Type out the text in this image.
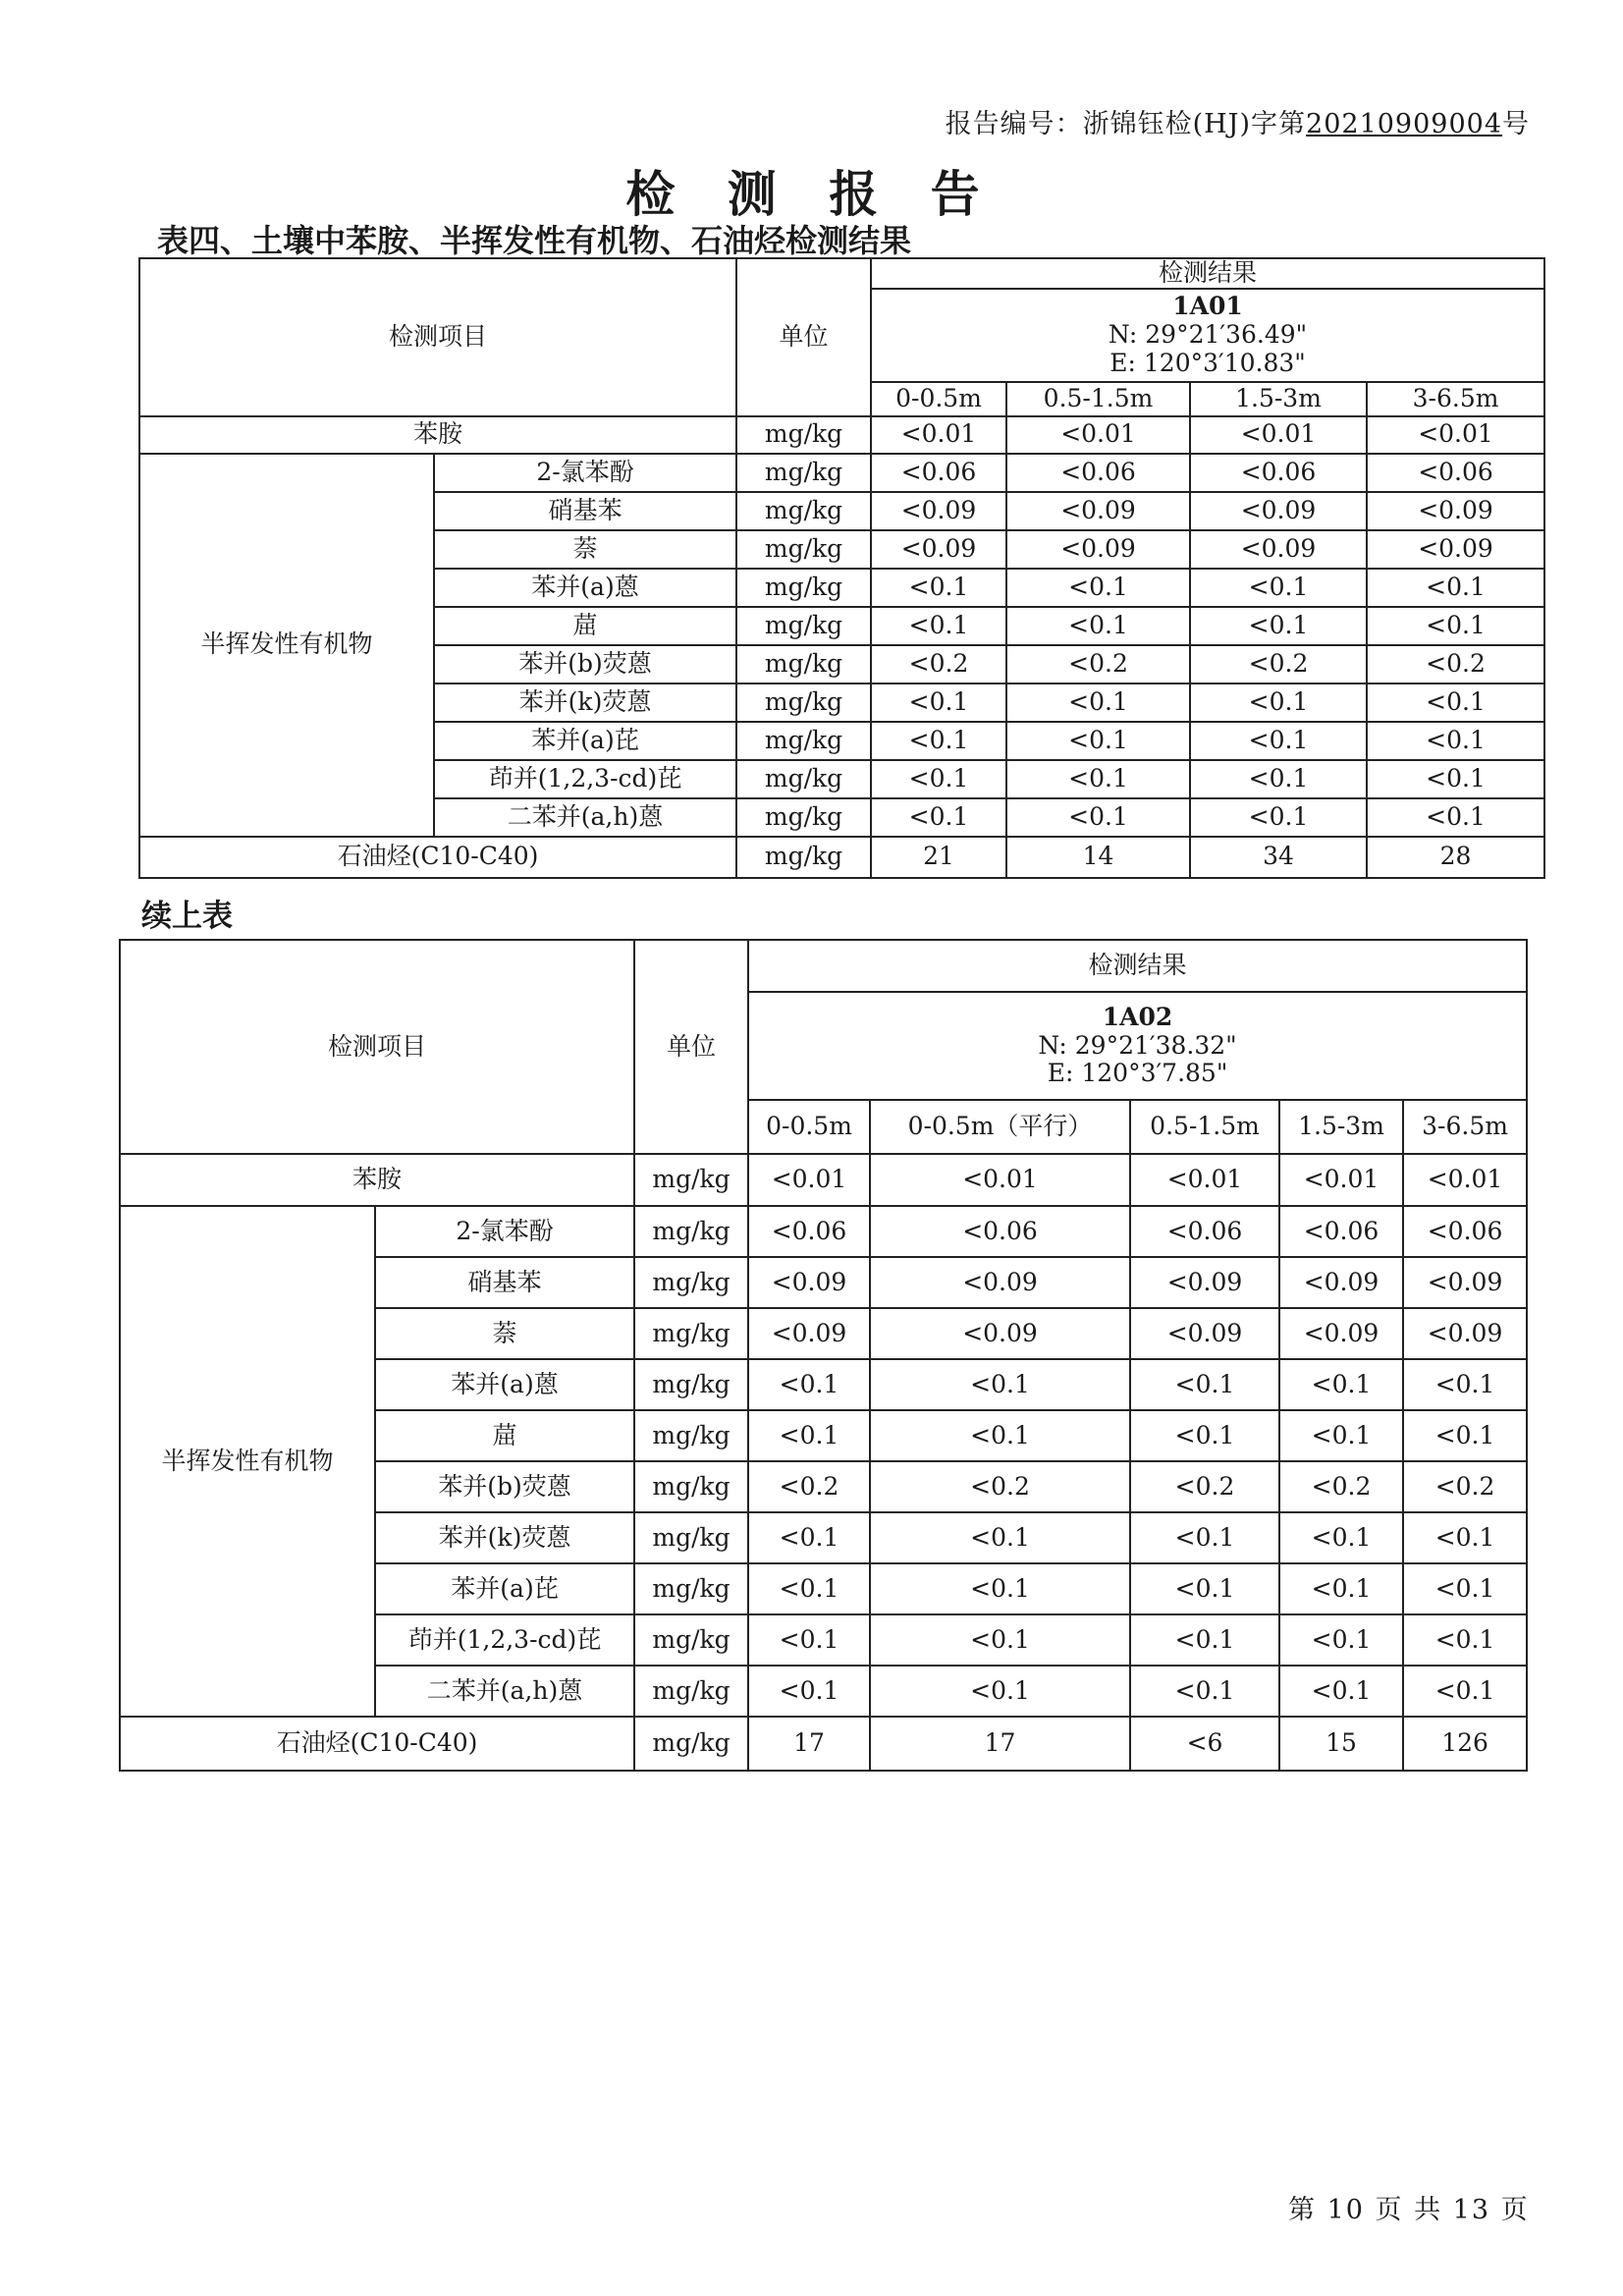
报告编号：浙锦钰检(HJ)字第20210909004号
检 测 报 告
表四、土壤中苯胺、半挥发性有机物、石油烃检测结果
检测项目		单位	检测结果			

			1A01
N: 29°21′36.49"
E: 120°3′10.83"			

			0-0.5m	0.5-1.5m	1.5-3m	3-6.5m
苯胺		mg/kg	<0.01	<0.01	<0.01	<0.01
半挥发性有机物	2-氯苯酚	mg/kg	<0.06	<0.06	<0.06	<0.06
	硝基苯	mg/kg	<0.09	<0.09	<0.09	<0.09
	萘	mg/kg	<0.09	<0.09	<0.09	<0.09
	苯并(a)蒽	mg/kg	<0.1	<0.1	<0.1	<0.1
	䓛	mg/kg	<0.1	<0.1	<0.1	<0.1
	苯并(b)荧蒽	mg/kg	<0.2	<0.2	<0.2	<0.2
	苯并(k)荧蒽	mg/kg	<0.1	<0.1	<0.1	<0.1
	苯并(a)芘	mg/kg	<0.1	<0.1	<0.1	<0.1
	茚并(1,2,3-cd)芘	mg/kg	<0.1	<0.1	<0.1	<0.1
	二苯并(a,h)蒽	mg/kg	<0.1	<0.1	<0.1	<0.1
石油烃(C10-C40)		mg/kg	21	14	34	28
续上表
检测项目		单位	检测结果				

			1A02
N: 29°21′38.32"
E: 120°3′7.85"				

			0-0.5m	0-0.5m（平行）	0.5-1.5m	1.5-3m	3-6.5m
苯胺		mg/kg	<0.01	<0.01	<0.01	<0.01	<0.01
半挥发性有机物	2-氯苯酚	mg/kg	<0.06	<0.06	<0.06	<0.06	<0.06
	硝基苯	mg/kg	<0.09	<0.09	<0.09	<0.09	<0.09
	萘	mg/kg	<0.09	<0.09	<0.09	<0.09	<0.09
	苯并(a)蒽	mg/kg	<0.1	<0.1	<0.1	<0.1	<0.1
	䓛	mg/kg	<0.1	<0.1	<0.1	<0.1	<0.1
	苯并(b)荧蒽	mg/kg	<0.2	<0.2	<0.2	<0.2	<0.2
	苯并(k)荧蒽	mg/kg	<0.1	<0.1	<0.1	<0.1	<0.1
	苯并(a)芘	mg/kg	<0.1	<0.1	<0.1	<0.1	<0.1
	茚并(1,2,3-cd)芘	mg/kg	<0.1	<0.1	<0.1	<0.1	<0.1
	二苯并(a,h)蒽	mg/kg	<0.1	<0.1	<0.1	<0.1	<0.1
石油烃(C10-C40)		mg/kg	17	17	<6	15	126
第 10 页 共 13 页
